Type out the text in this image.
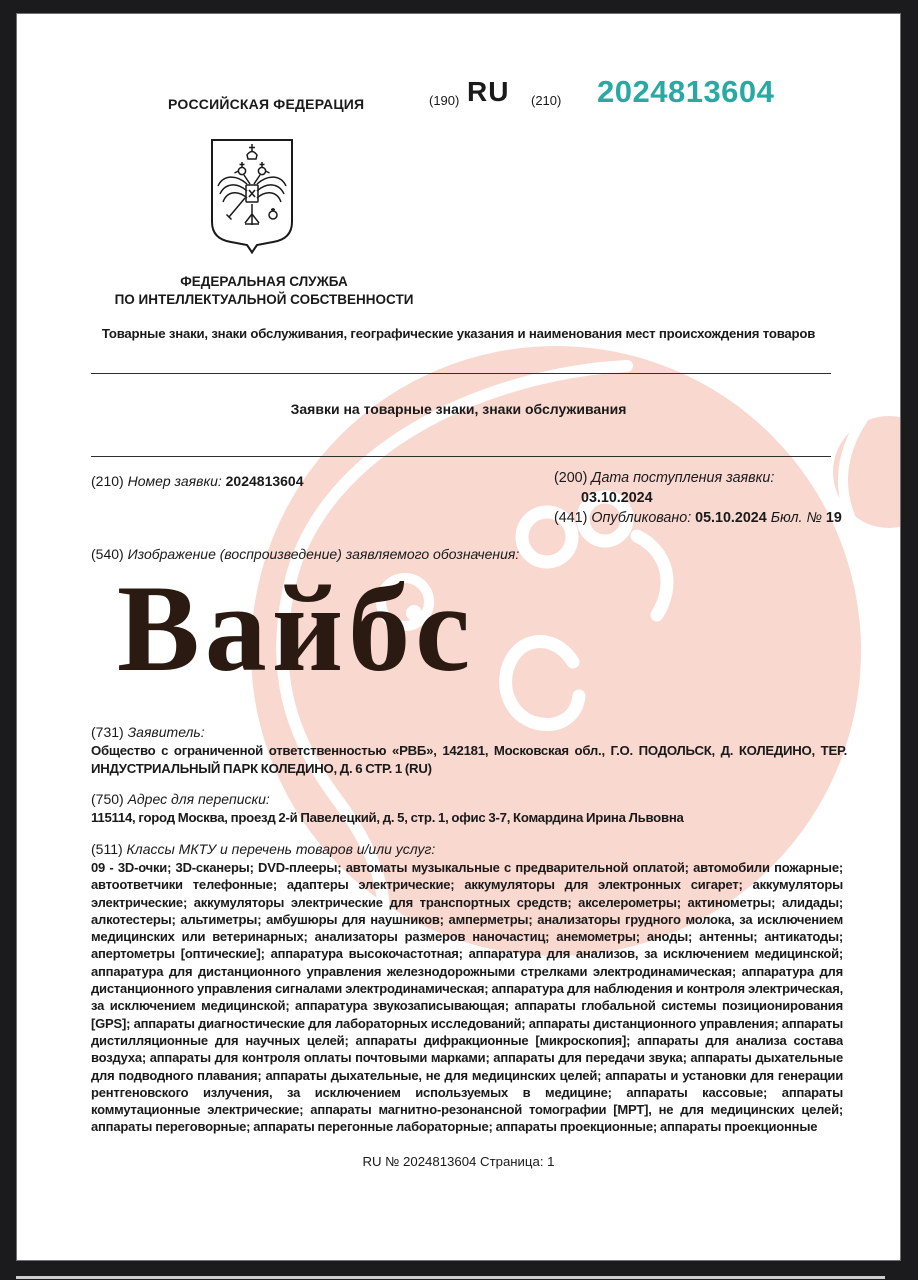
РОССИЙСКАЯ ФЕДЕРАЦИЯ	(190) RU (210) 2024813604
ФЕДЕРАЛЬНАЯ СЛУЖБА
ПО ИНТЕЛЛЕКТУАЛЬНОЙ СОБСТВЕННОСТИ
Товарные знаки, знаки обслуживания, географические указания и наименования мест происхождения товаров
Заявки на товарные знаки, знаки обслуживания
(210) Номер заявки: 2024813604	(200) Дата поступления заявки:
03.10.2024
(441) Опубликовано: 05.10.2024 Бюл. № 19
(540) Изображение (воспроизведение) заявляемого обозначения:
Вайбс
(731) Заявитель:
Общество с ограниченной ответственностью «РВБ», 142181, Московская обл., Г.О. ПОДОЛЬСК, Д. КОЛЕДИНО, ТЕР. ИНДУСТРИАЛЬНЫЙ ПАРК КОЛЕДИНО, Д. 6 СТР. 1 (RU)
(750) Адрес для переписки:
115114, город Москва, проезд 2-й Павелецкий, д. 5, стр. 1, офис 3-7, Комардина Ирина Львовна
(511) Классы МКТУ и перечень товаров и/или услуг:
09 - 3D-очки; 3D-сканеры; DVD-плееры; автоматы музыкальные с предварительной оплатой; автомобили пожарные; автоответчики телефонные; адаптеры электрические; аккумуляторы для электронных сигарет; аккумуляторы электрические; аккумуляторы электрические для транспортных средств; акселерометры; актинометры; алидады; алкотестеры; альтиметры; амбушюры для наушников; амперметры; анализаторы грудного молока, за исключением медицинских или ветеринарных; анализаторы размеров наночастиц; анемометры; аноды; антенны; антикатоды; апертометры [оптические]; аппаратура высокочастотная; аппаратура для анализов, за исключением медицинской; аппаратура для дистанционного управления железнодорожными стрелками электродинамическая; аппаратура для дистанционного управления сигналами электродинамическая; аппаратура для наблюдения и контроля электрическая, за исключением медицинской; аппаратура звукозаписывающая; аппараты глобальной системы позиционирования [GPS]; аппараты диагностические для лабораторных исследований; аппараты дистанционного управления; аппараты дистилляционные для научных целей; аппараты дифракционные [микроскопия]; аппараты для анализа состава воздуха; аппараты для контроля оплаты почтовыми марками; аппараты для передачи звука; аппараты дыхательные для подводного плавания; аппараты дыхательные, не для медицинских целей; аппараты и установки для генерации рентгеновского излучения, за исключением используемых в медицине; аппараты кассовые; аппараты коммутационные электрические; аппараты магнитно-резонансной томографии [МРТ], не для медицинских целей; аппараты переговорные; аппараты перегонные лабораторные; аппараты проекционные; аппараты проекционные
RU № 2024813604 Страница: 1
